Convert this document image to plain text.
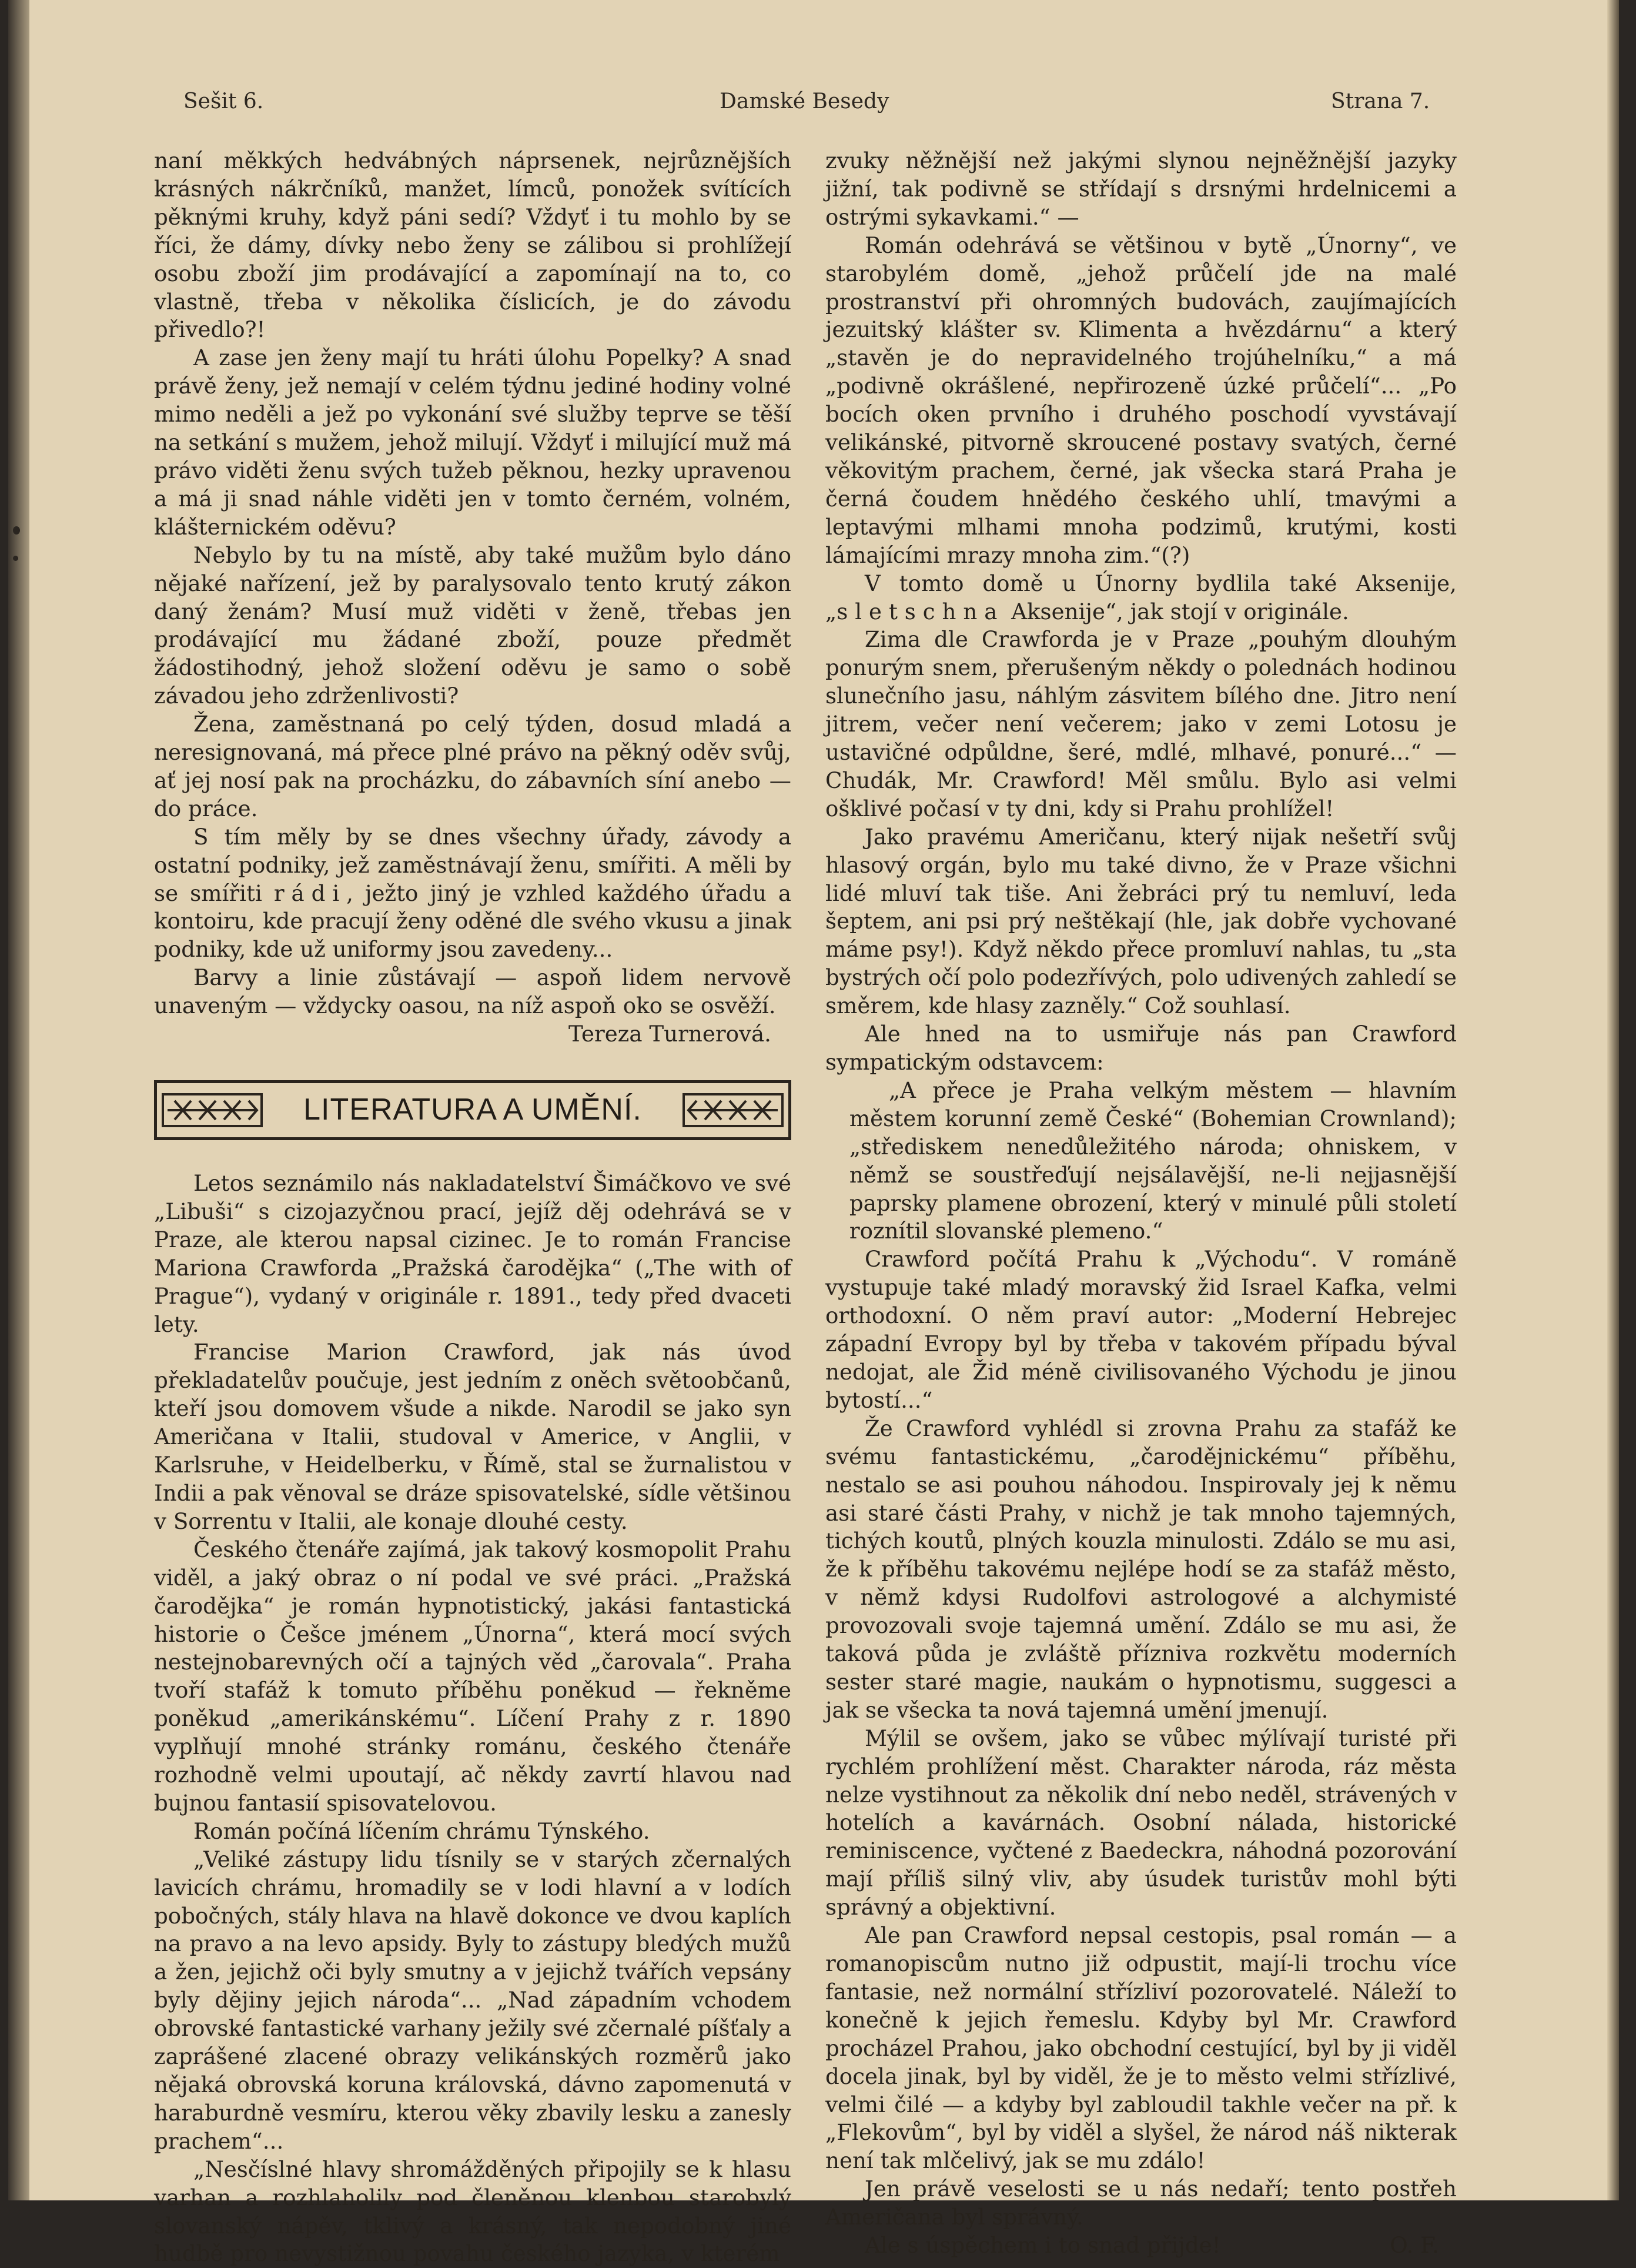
Sešit 6.	Damské Besedy	Strana 7.

naní měkkých hedvábných náprsenek, nejrůznějších krásných nákrčníků, manžet, límců, ponožek svítících pěknými kruhy, když páni sedí? Vždyť i tu mohlo by se říci, že dámy, dívky nebo ženy se zálibou si prohlížejí osobu zboží jim prodávající a zapomínají na to, co vlastně, třeba v několika číslicích, je do závodu přivedlo?!

A zase jen ženy mají tu hráti úlohu Popelky? A snad právě ženy, jež nemají v celém týdnu jediné hodiny volné mimo neděli a jež po vykonání své služby teprve se těší na setkání s mužem, jehož milují. Vždyť i milující muž má právo viděti ženu svých tužeb pěknou, hezky upravenou a má ji snad náhle viděti jen v tomto černém, volném, klášternickém oděvu?

Nebylo by tu na místě, aby také mužům bylo dáno nějaké nařízení, jež by paralysovalo tento krutý zákon daný ženám? Musí muž viděti v ženě, třebas jen prodávající mu žádané zboží, pouze předmět žádostihodný, jehož složení oděvu je samo o sobě závadou jeho zdrženlivosti?

Žena, zaměstnaná po celý týden, dosud mladá a neresignovaná, má přece plné právo na pěkný oděv svůj, ať jej nosí pak na procházku, do zábavních síní anebo — do práce.

S tím měly by se dnes všechny úřady, závody a ostatní podniky, jež zaměstnávají ženu, smířiti. A měli by se smířiti rádi, ježto jiný je vzhled každého úřadu a kontoiru, kde pracují ženy oděné dle svého vkusu a jinak podniky, kde už uniformy jsou zavedeny...

Barvy a linie zůstávají — aspoň lidem nervově unaveným — vždycky oasou, na níž aspoň oko se osvěží.

Tereza Turnerová.

LITERATURA A UMĚNÍ.

Letos seznámilo nás nakladatelství Šimáčkovo ve své „Libuši“ s cizojazyčnou prací, jejíž děj odehrává se v Praze, ale kterou napsal cizinec. Je to román Francise Mariona Crawforda „Pražská čarodějka“ („The with of Prague“), vydaný v originále r. 1891., tedy před dvaceti lety.

Francise Marion Crawford, jak nás úvod překladatelův poučuje, jest jedním z oněch světoobčanů, kteří jsou domovem všude a nikde. Narodil se jako syn Američana v Italii, studoval v Americe, v Anglii, v Karlsruhe, v Heidelberku, v Římě, stal se žurnalistou v Indii a pak věnoval se dráze spisovatelské, sídle většinou v Sorrentu v Italii, ale konaje dlouhé cesty.

Českého čtenáře zajímá, jak takový kosmopolit Prahu viděl, a jaký obraz o ní podal ve své práci. „Pražská čarodějka“ je román hypnotistický, jakási fantastická historie o Češce jménem „Únorna“, která mocí svých nestejnobarevných očí a tajných věd „čarovala“. Praha tvoří stafáž k tomuto příběhu poněkud — řekněme poněkud „amerikánskému“. Líčení Prahy z r. 1890 vyplňují mnohé stránky románu, českého čtenáře rozhodně velmi upoutají, ač někdy zavrtí hlavou nad bujnou fantasií spisovatelovou.

Román počíná líčením chrámu Týnského.

„Veliké zástupy lidu tísnily se v starých zčernalých lavicích chrámu, hromadily se v lodi hlavní a v lodích pobočných, stály hlava na hlavě dokonce ve dvou kaplích na pravo a na levo apsidy. Byly to zástupy bledých mužů a žen, jejichž oči byly smutny a v jejichž tvářích vepsány byly dějiny jejich národa“... „Nad západním vchodem obrovské fantastické varhany ježily své zčernalé píšťaly a zaprášené zlacené obrazy velikánských rozměrů jako nějaká obrovská koruna královská, dávno zapomenutá v haraburdně vesmíru, kterou věky zbavily lesku a zanesly prachem“...

„Nesčíslné hlavy shromážděných připojily se k hlasu varhan a rozhlaholily pod členěnou klenbou starobylý slovanský nápěv, tklivý a krásný, tak nepodobný jiné hudbě pro nevystižnou povahu českého jazyka, v kterém

zvuky něžnější než jakými slynou nejněžnější jazyky jižní, tak podivně se střídají s drsnými hrdelnicemi a ostrými sykavkami.“ —

Román odehrává se většinou v bytě „Únorny“, ve starobylém domě, „jehož průčelí jde na malé prostranství při ohromných budovách, zaujímajících jezuitský klášter sv. Klimenta a hvězdárnu“ a který „stavěn je do nepravidelného trojúhelníku,“ a má „podivně okrášlené, nepřirozeně úzké průčelí“... „Po bocích oken prvního i druhého poschodí vyvstávají velikánské, pitvorně skroucené postavy svatých, černé věkovitým prachem, černé, jak všecka stará Praha je černá čoudem hnědého českého uhlí, tmavými a leptavými mlhami mnoha podzimů, krutými, kosti lámajícími mrazy mnoha zim.“(?)

V tomto domě u Únorny bydlila také Aksenije, „sletschna Aksenije“, jak stojí v originále.

Zima dle Crawforda je v Praze „pouhým dlouhým ponurým snem, přerušeným někdy o polednách hodinou slunečního jasu, náhlým zásvitem bílého dne. Jitro není jitrem, večer není večerem; jako v zemi Lotosu je ustavičné odpůldne, šeré, mdlé, mlhavé, ponuré...“ — Chudák, Mr. Crawford! Měl smůlu. Bylo asi velmi ošklivé počasí v ty dni, kdy si Prahu prohlížel!

Jako pravému Američanu, který nijak nešetří svůj hlasový orgán, bylo mu také divno, že v Praze všichni lidé mluví tak tiše. Ani žebráci prý tu nemluví, leda šeptem, ani psi prý neštěkají (hle, jak dobře vychované máme psy!). Když někdo přece promluví nahlas, tu „sta bystrých očí polo podezřívých, polo udivených zahledí se směrem, kde hlasy zazněly.“ Což souhlasí.

Ale hned na to usmiřuje nás pan Crawford sympatickým odstavcem:

„A přece je Praha velkým městem — hlavním městem korunní země České“ (Bohemian Crownland); „střediskem nenedůležitého národa; ohniskem, v němž se soustřeďují nejsálavější, ne-li nejjasnější paprsky plamene obrození, který v minulé půli století roznítil slovanské plemeno.“

Crawford počítá Prahu k „Východu“. V románě vystupuje také mladý moravský žid Israel Kafka, velmi orthodoxní. O něm praví autor: „Moderní Hebrejec západní Evropy byl by třeba v takovém případu býval nedojat, ale Žid méně civilisovaného Východu je jinou bytostí...“

Že Crawford vyhlédl si zrovna Prahu za stafáž ke svému fantastickému, „čarodějnickému“ příběhu, nestalo se asi pouhou náhodou. Inspirovaly jej k němu asi staré části Prahy, v nichž je tak mnoho tajemných, tichých koutů, plných kouzla minulosti. Zdálo se mu asi, že k příběhu takovému nejlépe hodí se za stafáž město, v němž kdysi Rudolfovi astrologové a alchymisté provozovali svoje tajemná umění. Zdálo se mu asi, že taková půda je zvláště příznivа rozkvětu moderních sester staré magie, naukám o hypnotismu, suggesci a jak se všecka ta nová tajemná umění jmenují.

Mýlil se ovšem, jako se vůbec mýlívají turisté při rychlém prohlížení měst. Charakter národa, ráz města nelze vystihnout za několik dní nebo neděl, strávených v hotelích a kavárnách. Osobní nálada, historické reminiscence, vyčtené z Baedeckra, náhodná pozorování mají příliš silný vliv, aby úsudek turistův mohl býti správný a objektivní.

Ale pan Crawford nepsal cestopis, psal román — a romanopiscům nutno již odpustit, mají-li trochu více fantasie, než normální střízliví pozorovatelé. Náleží to konečně k jejich řemeslu. Kdyby byl Mr. Crawford procházel Prahou, jako obchodní cestující, byl by ji viděl docela jinak, byl by viděl, že je to město velmi střízlivé, velmi čilé — a kdyby byl zabloudil takhle večer na př. k „Flekovům“, byl by viděl a slyšel, že národ náš nikterak není tak mlčelivý, jak se mu zdálo!

Jen právě veselosti se u nás nedaří; tento postřeh Američana byl správný.

Ale s úspěchem i to snad přijde!	O. F.
